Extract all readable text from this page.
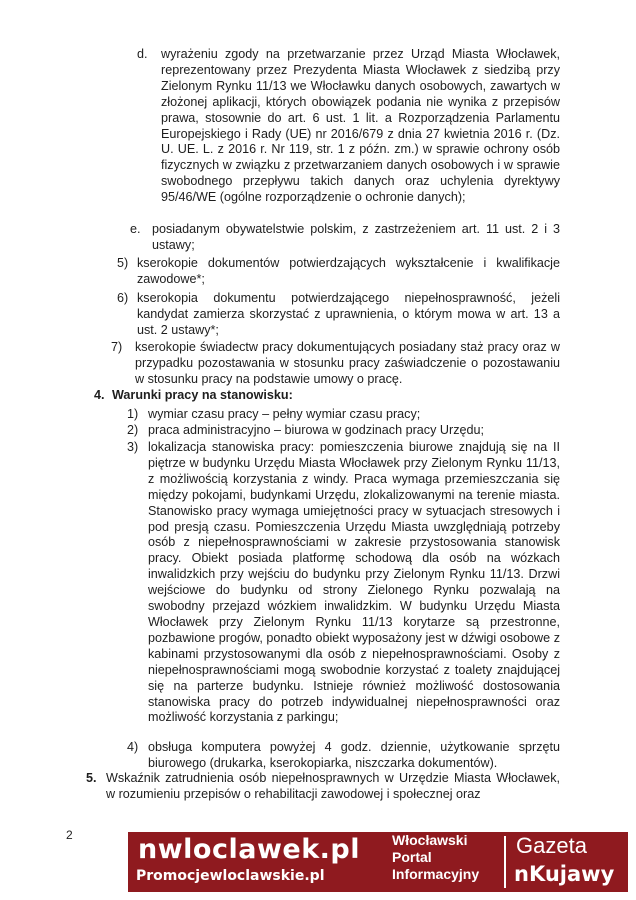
d. wyrażeniu zgody na przetwarzanie przez Urząd Miasta Włocławek, reprezentowany przez Prezydenta Miasta Włocławek z siedzibą przy Zielonym Rynku 11/13 we Włocławku danych osobowych, zawartych w złożonej aplikacji, których obowiązek podania nie wynika z przepisów prawa, stosownie do art. 6 ust. 1 lit. a Rozporządzenia Parlamentu Europejskiego i Rady (UE) nr 2016/679 z dnia 27 kwietnia 2016 r. (Dz. U. UE. L. z 2016 r. Nr 119, str. 1 z późn. zm.) w sprawie ochrony osób fizycznych w związku z przetwarzaniem danych osobowych i w sprawie swobodnego przepływu takich danych oraz uchylenia dyrektywy 95/46/WE (ogólne rozporządzenie o ochronie danych);
e. posiadanym obywatelstwie polskim, z zastrzeżeniem art. 11 ust. 2 i 3 ustawy;
5) kserokopie dokumentów potwierdzających wykształcenie i kwalifikacje zawodowe*;
6) kserokopia dokumentu potwierdzającego niepełnosprawność, jeżeli kandydat zamierza skorzystać z uprawnienia, o którym mowa w art. 13 a ust. 2 ustawy*;
7) kserokopie świadectw pracy dokumentujących posiadany staż pracy oraz w przypadku pozostawania w stosunku pracy zaświadczenie o pozostawaniu w stosunku pracy na podstawie umowy o pracę.
4. Warunki pracy na stanowisku:
1) wymiar czasu pracy – pełny wymiar czasu pracy;
2) praca administracyjno – biurowa w godzinach pracy Urzędu;
3) lokalizacja stanowiska pracy: pomieszczenia biurowe znajdują się na II piętrze w budynku Urzędu Miasta Włocławek przy Zielonym Rynku 11/13, z możliwością korzystania z windy. Praca wymaga przemieszczania się między pokojami, budynkami Urzędu, zlokalizowanymi na terenie miasta. Stanowisko pracy wymaga umiejętności pracy w sytuacjach stresowych i pod presją czasu. Pomieszczenia Urzędu Miasta uwzględniają potrzeby osób z niepełnosprawnościami w zakresie przystosowania stanowisk pracy. Obiekt posiada platformę schodową dla osób na wózkach inwalidzkich przy wejściu do budynku przy Zielonym Rynku 11/13. Drzwi wejściowe do budynku od strony Zielonego Rynku pozwalają na swobodny przejazd wózkiem inwalidzkim. W budynku Urzędu Miasta Włocławek przy Zielonym Rynku 11/13 korytarze są przestronne, pozbawione progów, ponadto obiekt wyposażony jest w dźwigi osobowe z kabinami przystosowanymi dla osób z niepełnosprawnościami. Osoby z niepełnosprawnościami mogą swobodnie korzystać z toalety znajdującej się na parterze budynku. Istnieje również możliwość dostosowania stanowiska pracy do potrzeb indywidualnej niepełnosprawności oraz możliwość korzystania z parkingu;
4) obsługa komputera powyżej 4 godz. dziennie, użytkowanie sprzętu biurowego (drukarka, kserokopiarka, niszczarka dokumentów).
5. Wskaźnik zatrudnienia osób niepełnosprawnych w Urzędzie Miasta Włocławek, w rozumieniu przepisów o rehabilitacji zawodowej i społecznej oraz
2 nwloclawek.pl
Promocjewloclawskie.pl
Włocławski
Portal
Informacyjny
Gazeta
nKujawy
